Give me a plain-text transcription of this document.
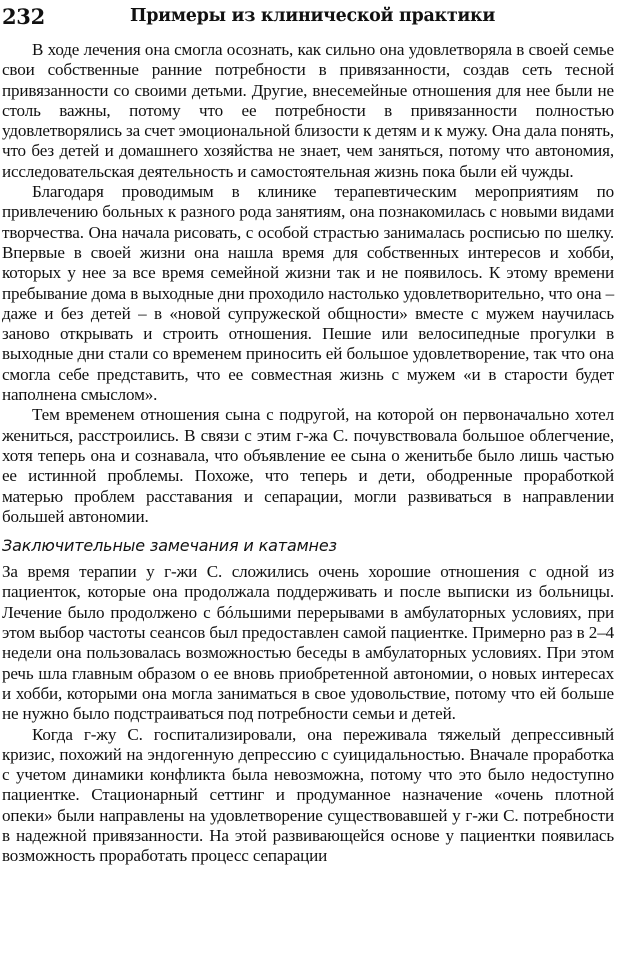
232	Примеры из клинической практики

В ходе лечения она смогла осознать, как сильно она удовлетворяла в своей семье свои собственные ранние потребности в привязанности, создав сеть тесной привязанности со своими детьми. Другие, внесемейные отношения для нее были не столь важны, потому что ее потребности в привязанности полностью удовлетворялись за счет эмоциональной близости к детям и к мужу. Она дала понять, что без детей и домашнего хозяйства не знает, чем заняться, потому что автономия, исследовательская деятельность и самостоятельная жизнь пока были ей чужды.

Благодаря проводимым в клинике терапевтическим мероприятиям по привлечению больных к разного рода занятиям, она познакомилась с новыми видами творчества. Она начала рисовать, с особой страстью занималась росписью по шелку. Впервые в своей жизни она нашла время для собственных интересов и хобби, которых у нее за все время семейной жизни так и не появилось. К этому времени пребывание дома в выходные дни проходило настолько удовлетворительно, что она – даже и без детей – в «новой супружеской общности» вместе с мужем научилась заново открывать и строить отношения. Пешие или велосипедные прогулки в выходные дни стали со временем приносить ей большое удовлетворение, так что она смогла себе представить, что ее совместная жизнь с мужем «и в старости будет наполнена смыслом».

Тем временем отношения сына с подругой, на которой он первоначально хотел жениться, расстроились. В связи с этим г-жа С. почувствовала большое облегчение, хотя теперь она и сознавала, что объявление ее сына о женитьбе было лишь частью ее истинной проблемы. Похоже, что теперь и дети, ободренные проработкой матерью проблем расставания и сепарации, могли развиваться в направлении большей автономии.

Заключительные замечания и катамнез

За время терапии у г-жи С. сложились очень хорошие отношения с одной из пациенток, которые она продолжала поддерживать и после выписки из больницы. Лечение было продолжено с бóльшими перерывами в амбулаторных условиях, при этом выбор частоты сеансов был предоставлен самой пациентке. Примерно раз в 2–4 недели она пользовалась возможностью беседы в амбулаторных условиях. При этом речь шла главным образом о ее вновь приобретенной автономии, о новых интересах и хобби, которыми она могла заниматься в свое удовольствие, потому что ей больше не нужно было подстраиваться под потребности семьи и детей.

Когда г-жу С. госпитализировали, она переживала тяжелый депрессивный кризис, похожий на эндогенную депрессию с суицидальностью. Вначале проработка с учетом динамики конфликта была невозможна, потому что это было недоступно пациентке. Стационарный сеттинг и продуманное назначение «очень плотной опеки» были направлены на удовлетворение существовавшей у г-жи С. потребности в надежной привязанности. На этой развивающейся основе у пациентки появилась возможность проработать процесс сепарации
